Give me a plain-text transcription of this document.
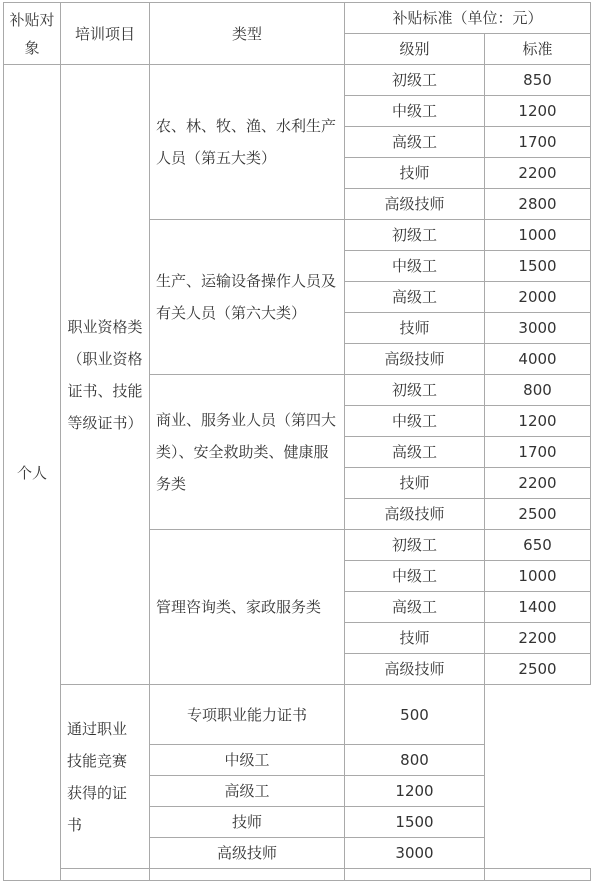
补贴对象	培训项目	类型	补贴标准（单位：元）	
			级别	标准
个人	职业资格类（职业资格证书、技能等级证书）	农、林、牧、渔、水利生产人员（第五大类）	初级工	850
			中级工	1200
			高级工	1700
			技师	2200
			高级技师	2800
		生产、运输设备操作人员及有关人员（第六大类）	初级工	1000
			中级工	1500
			高级工	2000
			技师	3000
			高级技师	4000
		商业、服务业人员（第四大类）、安全救助类、健康服务类	初级工	800
			中级工	1200
			高级工	1700
			技师	2200
			高级技师	2500
		管理咨询类、家政服务类	初级工	650
			中级工	1000
			高级工	1400
			技师	2200
			高级技师	2500
	通过职业技能竞赛获得的证书	专项职业能力证书	500	
		中级工	800	
		高级工	1200	
		技师	1500	
		高级技师	3000	
